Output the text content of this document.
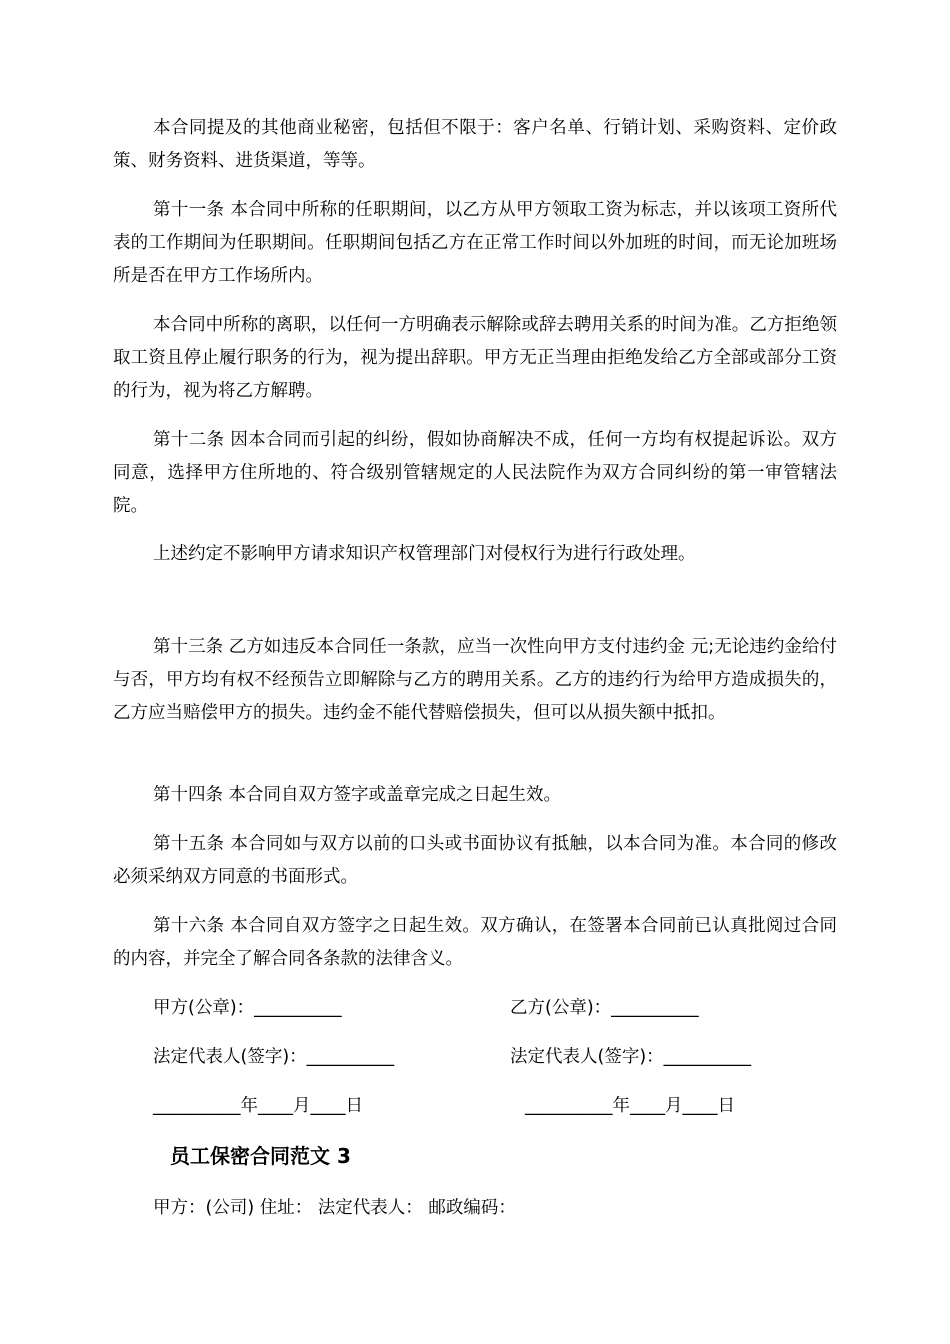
本合同提及的其他商业秘密，包括但不限于：客户名单、行销计划、采购资料、定价政策、财务资料、进货渠道，等等。

第十一条 本合同中所称的任职期间，以乙方从甲方领取工资为标志，并以该项工资所代表的工作期间为任职期间。任职期间包括乙方在正常工作时间以外加班的时间，而无论加班场所是否在甲方工作场所内。

本合同中所称的离职，以任何一方明确表示解除或辞去聘用关系的时间为准。乙方拒绝领取工资且停止履行职务的行为，视为提出辞职。甲方无正当理由拒绝发给乙方全部或部分工资的行为，视为将乙方解聘。

第十二条 因本合同而引起的纠纷，假如协商解决不成，任何一方均有权提起诉讼。双方同意，选择甲方住所地的、符合级别管辖规定的人民法院作为双方合同纠纷的第一审管辖法院。

上述约定不影响甲方请求知识产权管理部门对侵权行为进行行政处理。

第十三条 乙方如违反本合同任一条款，应当一次性向甲方支付违约金 元;无论违约金给付与否，甲方均有权不经预告立即解除与乙方的聘用关系。乙方的违约行为给甲方造成损失的，乙方应当赔偿甲方的损失。违约金不能代替赔偿损失，但可以从损失额中抵扣。

第十四条 本合同自双方签字或盖章完成之日起生效。

第十五条 本合同如与双方以前的口头或书面协议有抵触，以本合同为准。本合同的修改必须采纳双方同意的书面形式。

第十六条 本合同自双方签字之日起生效。双方确认，在签署本合同前已认真批阅过合同的内容，并完全了解合同各条款的法律含义。

甲方(公章)：__________	乙方(公章)：__________

法定代表人(签字)：__________	法定代表人(签字)：__________

__________年____月____日	__________年____月____日

员工保密合同范文 3

甲方：(公司) 住址： 法定代表人： 邮政编码：
